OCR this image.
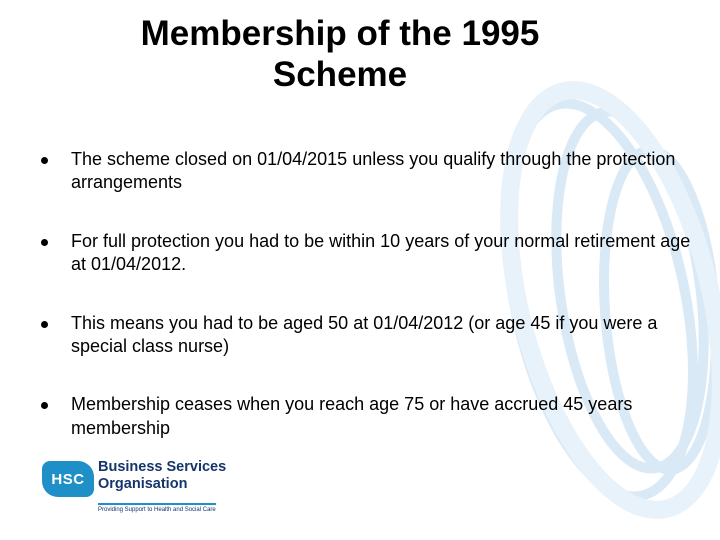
Membership of the 1995
Scheme
The scheme closed on 01/04/2015 unless you qualify through the protection arrangements
For full protection you had to be within 10 years of your normal retirement age at 01/04/2012.
This means you had to be aged 50 at 01/04/2012 (or age 45 if you were a special class nurse)
Membership ceases when you reach age 75 or have accrued 45 years membership
HSC
Business Services
Organisation
Providing Support to Health and Social Care
